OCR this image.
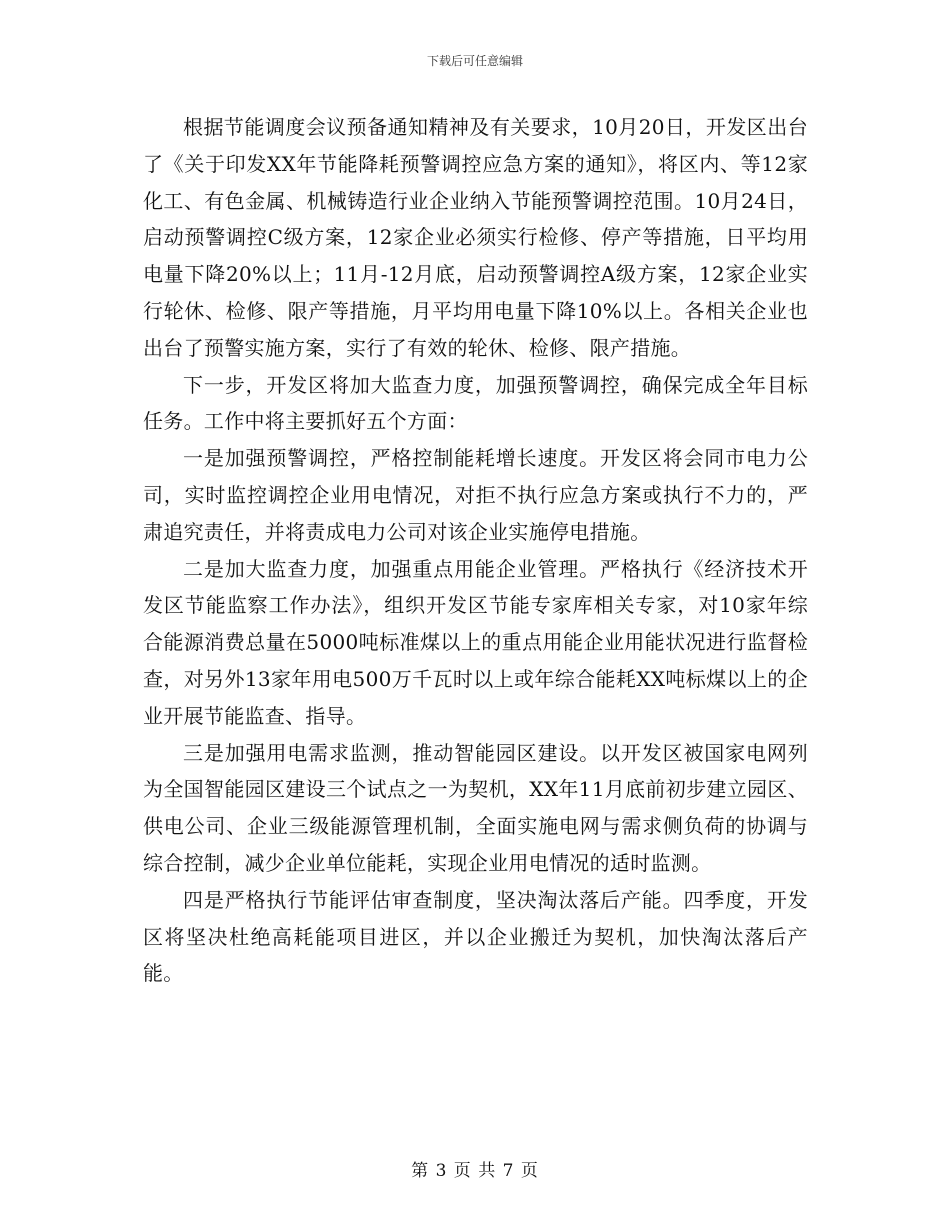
下载后可任意编辑

根据节能调度会议预备通知精神及有关要求，10月20日，开发区出台了《关于印发XX年节能降耗预警调控应急方案的通知》，将区内、等12家化工、有色金属、机械铸造行业企业纳入节能预警调控范围。10月24日，启动预警调控C级方案，12家企业必须实行检修、停产等措施，日平均用电量下降20%以上；11月-12月底，启动预警调控A级方案，12家企业实行轮休、检修、限产等措施，月平均用电量下降10%以上。各相关企业也出台了预警实施方案，实行了有效的轮休、检修、限产措施。

下一步，开发区将加大监查力度，加强预警调控，确保完成全年目标任务。工作中将主要抓好五个方面：

一是加强预警调控，严格控制能耗增长速度。开发区将会同市电力公司，实时监控调控企业用电情况，对拒不执行应急方案或执行不力的，严肃追究责任，并将责成电力公司对该企业实施停电措施。

二是加大监查力度，加强重点用能企业管理。严格执行《经济技术开发区节能监察工作办法》，组织开发区节能专家库相关专家，对10家年综合能源消费总量在5000吨标准煤以上的重点用能企业用能状况进行监督检查，对另外13家年用电500万千瓦时以上或年综合能耗XX吨标煤以上的企业开展节能监查、指导。

三是加强用电需求监测，推动智能园区建设。以开发区被国家电网列为全国智能园区建设三个试点之一为契机，XX年11月底前初步建立园区、供电公司、企业三级能源管理机制，全面实施电网与需求侧负荷的协调与综合控制，减少企业单位能耗，实现企业用电情况的适时监测。

四是严格执行节能评估审查制度，坚决淘汰落后产能。四季度，开发区将坚决杜绝高耗能项目进区，并以企业搬迁为契机，加快淘汰落后产能。

第 3 页 共 7 页
